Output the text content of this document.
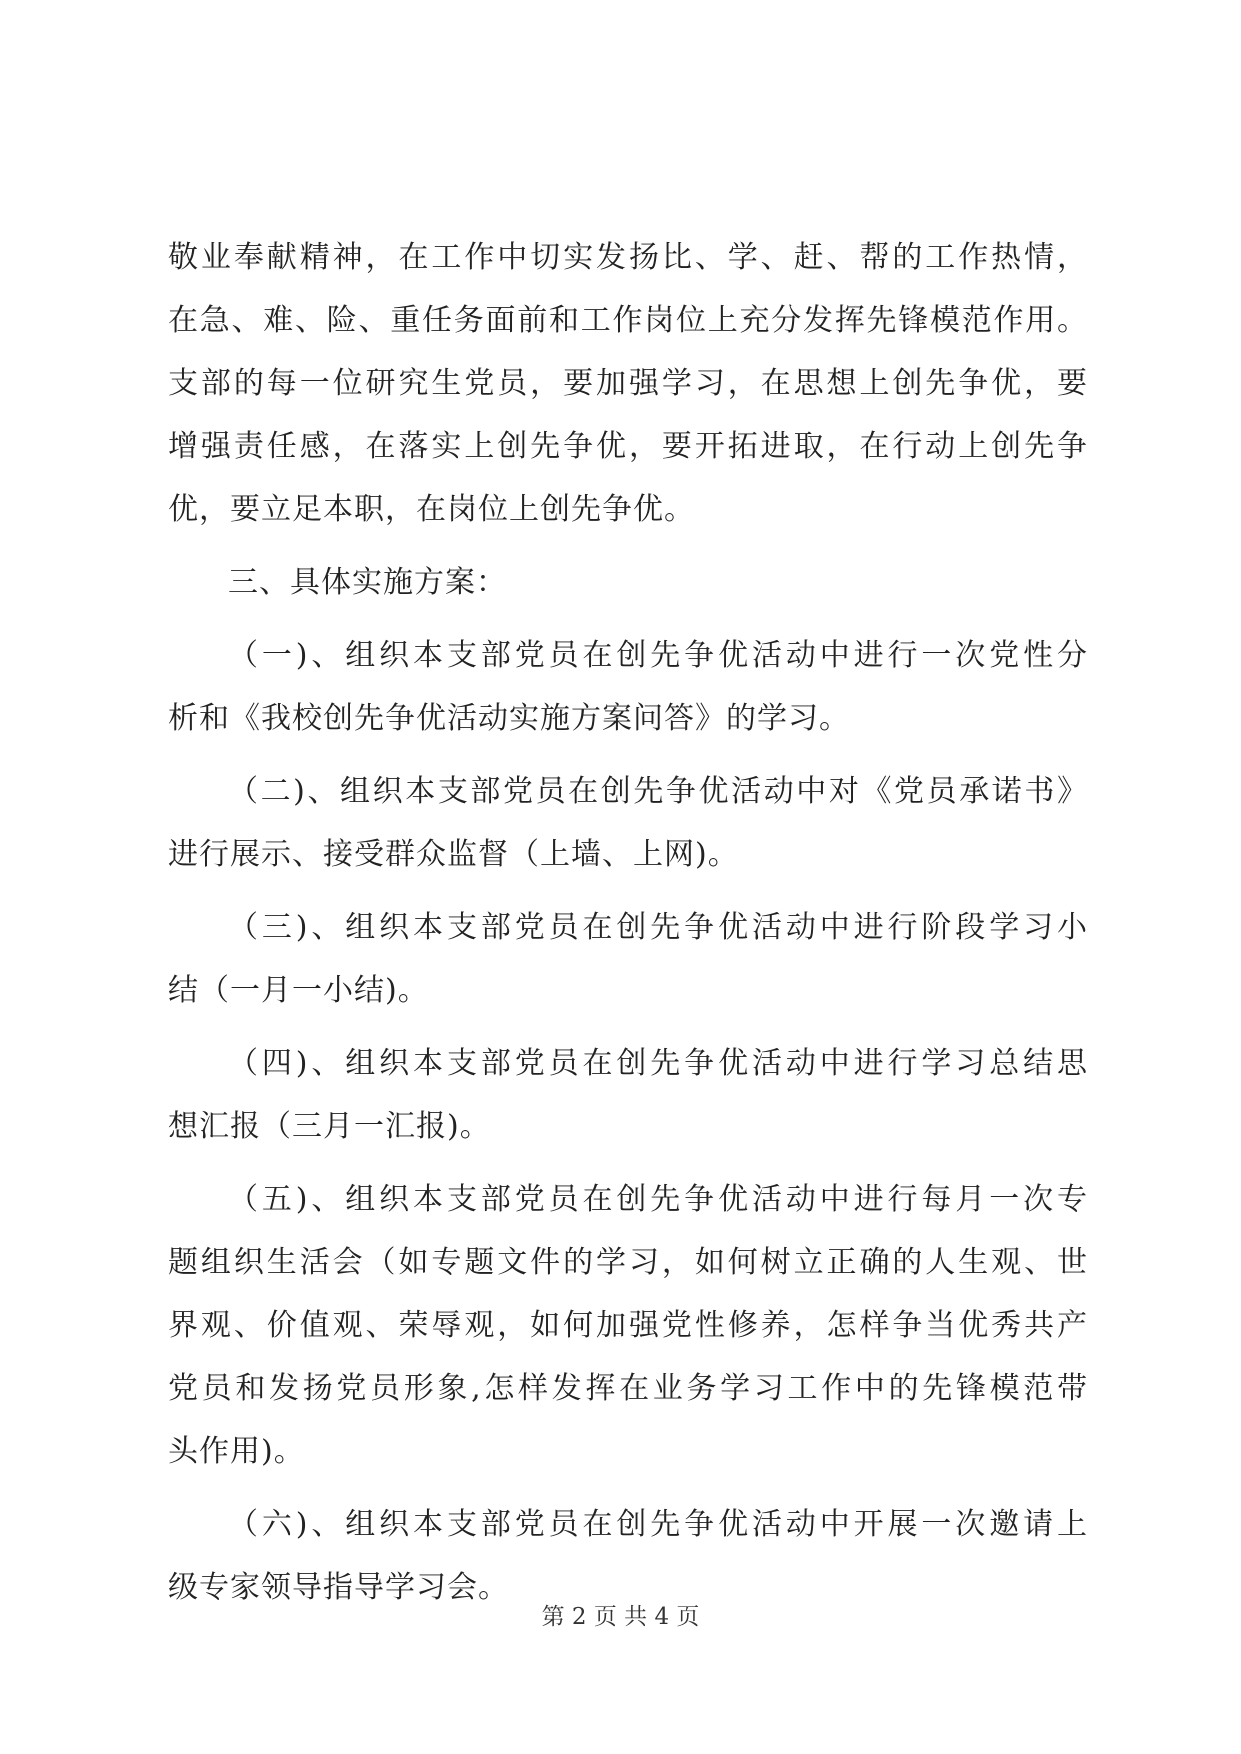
敬业奉献精神，在工作中切实发扬比、学、赶、帮的工作热情，
在急、难、险、重任务面前和工作岗位上充分发挥先锋模范作用。
支部的每一位研究生党员，要加强学习，在思想上创先争优，要
增强责任感，在落实上创先争优，要开拓进取，在行动上创先争
优，要立足本职，在岗位上创先争优。
三、具体实施方案：
（一)、组织本支部党员在创先争优活动中进行一次党性分
析和《我校创先争优活动实施方案问答》的学习。
（二)、组织本支部党员在创先争优活动中对《党员承诺书》
进行展示、接受群众监督（上墙、上网)。
（三)、组织本支部党员在创先争优活动中进行阶段学习小
结（一月一小结)。
（四)、组织本支部党员在创先争优活动中进行学习总结思
想汇报（三月一汇报)。
（五)、组织本支部党员在创先争优活动中进行每月一次专
题组织生活会（如专题文件的学习，如何树立正确的人生观、世
界观、价值观、荣辱观，如何加强党性修养，怎样争当优秀共产
党员和发扬党员形象,怎样发挥在业务学习工作中的先锋模范带
头作用)。
（六)、组织本支部党员在创先争优活动中开展一次邀请上
级专家领导指导学习会。
第 2 页 共 4 页
